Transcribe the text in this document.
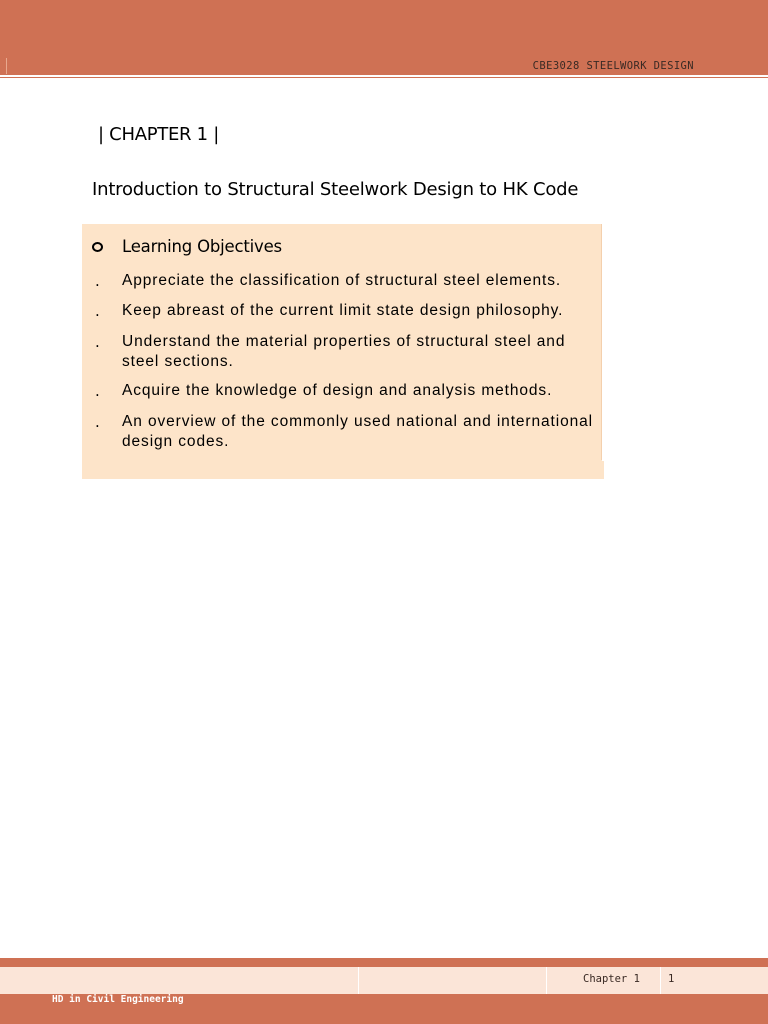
CBE3028 STEELWORK DESIGN
| CHAPTER 1 |
Introduction to Structural Steelwork Design to HK Code
Learning Objectives
.	Appreciate the classification of structural steel elements.
.	Keep abreast of the current limit state design philosophy.
.	Understand the material properties of structural steel and steel sections.
.	Acquire the knowledge of design and analysis methods.
.	An overview of the commonly used national and international design codes.
Chapter 1	1
HD in Civil Engineering
